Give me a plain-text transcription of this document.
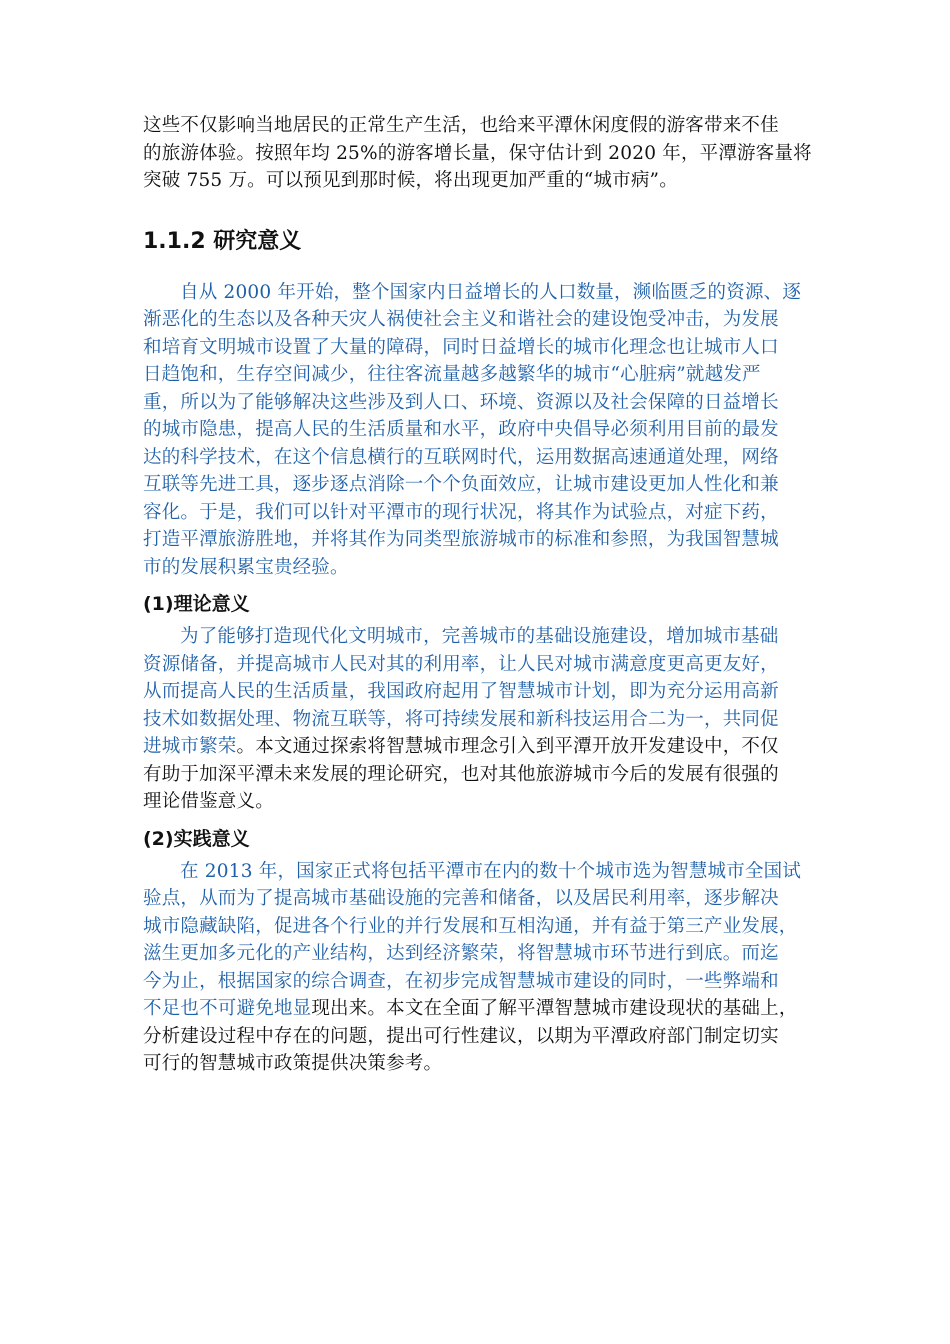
这些不仅影响当地居民的正常生产生活，也给来平潭休闲度假的游客带来不佳
的旅游体验。按照年均 25%的游客增长量，保守估计到 2020 年，平潭游客量将
突破 755 万。可以预见到那时候，将出现更加严重的“城市病”。
1.1.2 研究意义
自从 2000 年开始，整个国家内日益增长的人口数量，濒临匮乏的资源、逐
渐恶化的生态以及各种天灾人祸使社会主义和谐社会的建设饱受冲击，为发展
和培育文明城市设置了大量的障碍，同时日益增长的城市化理念也让城市人口
日趋饱和，生存空间减少，往往客流量越多越繁华的城市“心脏病”就越发严
重，所以为了能够解决这些涉及到人口、环境、资源以及社会保障的日益增长
的城市隐患，提高人民的生活质量和水平，政府中央倡导必须利用目前的最发
达的科学技术，在这个信息横行的互联网时代，运用数据高速通道处理，网络
互联等先进工具，逐步逐点消除一个个负面效应，让城市建设更加人性化和兼
容化。于是，我们可以针对平潭市的现行状况，将其作为试验点，对症下药，
打造平潭旅游胜地，并将其作为同类型旅游城市的标准和参照，为我国智慧城
市的发展积累宝贵经验。
(1)理论意义
为了能够打造现代化文明城市，完善城市的基础设施建设，增加城市基础
资源储备，并提高城市人民对其的利用率，让人民对城市满意度更高更友好，
从而提高人民的生活质量，我国政府起用了智慧城市计划，即为充分运用高新
技术如数据处理、物流互联等，将可持续发展和新科技运用合二为一，共同促
进城市繁荣。本文通过探索将智慧城市理念引入到平潭开放开发建设中，不仅
有助于加深平潭未来发展的理论研究，也对其他旅游城市今后的发展有很强的
理论借鉴意义。
(2)实践意义
在 2013 年，国家正式将包括平潭市在内的数十个城市选为智慧城市全国试
验点，从而为了提高城市基础设施的完善和储备，以及居民利用率，逐步解决
城市隐藏缺陷，促进各个行业的并行发展和互相沟通，并有益于第三产业发展，
滋生更加多元化的产业结构，达到经济繁荣，将智慧城市环节进行到底。而迄
今为止，根据国家的综合调查，在初步完成智慧城市建设的同时，一些弊端和
不足也不可避免地显现出来。本文在全面了解平潭智慧城市建设现状的基础上，
分析建设过程中存在的问题，提出可行性建议，以期为平潭政府部门制定切实
可行的智慧城市政策提供决策参考。
